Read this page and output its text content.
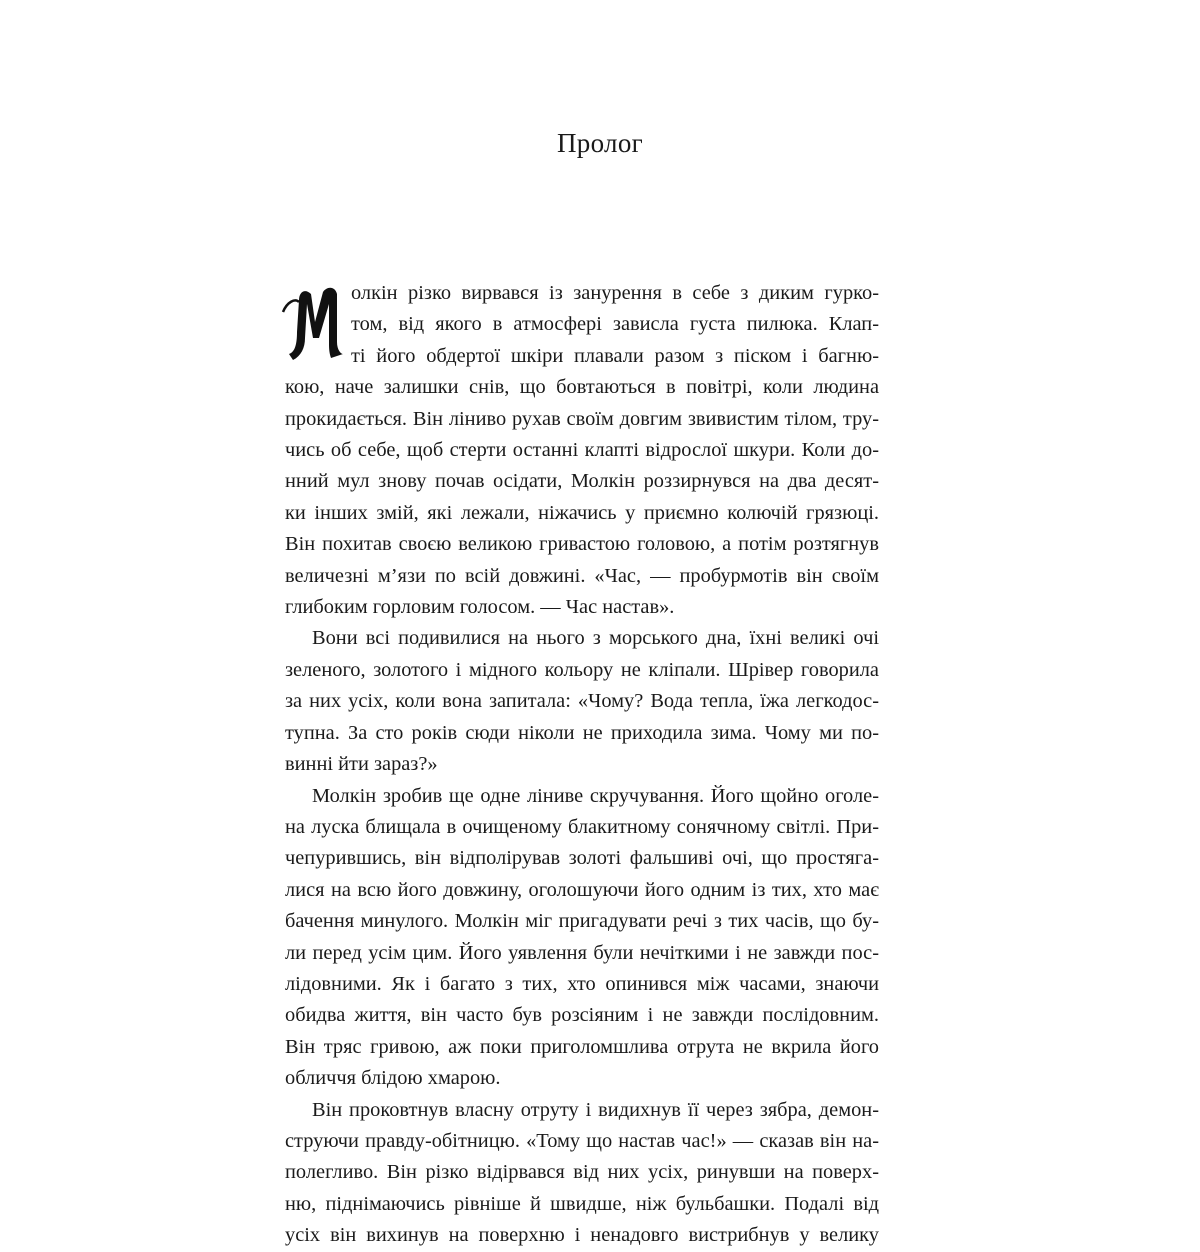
Пролог
олкін різко вирвався із занурення в себе з диким гурко-
том, від якого в атмосфері зависла густа пилюка. Клап-
ті його обдертої шкіри плавали разом з піском і багню-
кою, наче залишки снів, що бовтаються в повітрі, коли людина
прокидається. Він ліниво рухав своїм довгим звивистим тілом, тру-
чись об себе, щоб стерти останні клапті відрослої шкури. Коли до-
нний мул знову почав осідати, Молкін роззирнувся на два десят-
ки інших змій, які лежали, ніжачись у приємно колючій грязюці.
Він похитав своєю великою гривастою головою, а потім розтягнув
величезні м’язи по всій довжині. «Час, — пробурмотів він своїм
глибоким горловим голосом. — Час настав».
Вони всі подивилися на нього з морського дна, їхні великі очі
зеленого, золотого і мідного кольору не кліпали. Шрівер говорила
за них усіх, коли вона запитала: «Чому? Вода тепла, їжа легкодос-
тупна. За сто років сюди ніколи не приходила зима. Чому ми по-
винні йти зараз?»
Молкін зробив ще одне ліниве скручування. Його щойно оголе-
на луска блищала в очищеному блакитному сонячному світлі. При-
чепурившись, він відполірував золоті фальшиві очі, що простяга-
лися на всю його довжину, оголошуючи його одним із тих, хто має
бачення минулого. Молкін міг пригадувати речі з тих часів, що бу-
ли перед усім цим. Його уявлення були нечіткими і не завжди пос-
лідовними. Як і багато з тих, хто опинився між часами, знаючи
обидва життя, він часто був розсіяним і не завжди послідовним.
Він тряс гривою, аж поки приголомшлива отрута не вкрила його
обличчя блідою хмарою.
Він проковтнув власну отруту і видихнув її через зябра, демон-
струючи правду-обітницю. «Тому що настав час!» — сказав він на-
полегливо. Він різко відірвався від них усіх, ринувши на поверх-
ню, піднімаючись рівніше й швидше, ніж бульбашки. Подалі від
усіх він вихинув на поверхню і ненадовго вистрибнув у велику
